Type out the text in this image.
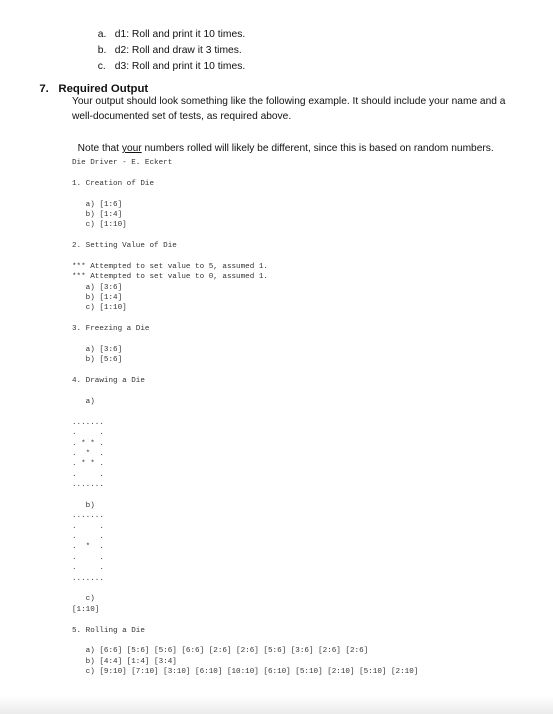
a. d1: Roll and print it 10 times.

b. d2: Roll and draw it 3 times.

c. d3: Roll and print it 10 times.

7. Required Output

Your output should look something like the following example. It should include your name and a
well-documented set of tests, as required above.

Note that your numbers rolled will likely be different, since this is based on random numbers.

Die Driver - E. Eckert
1. Creation of Die
a) [1:6]
b) [1:4]
c) [1:10]
2. Setting Value of Die
*** Attempted to set value to 5, assumed 1.
*** Attempted to set value to 0, assumed 1.
a) [3:6]
b) [1:4]
c) [1:10]
3. Freezing a Die
a) [3:6]
b) [5:6]
4. Drawing a Die
a)
.......
.     .
. * * .
.  *  .
. * * .
.     .
.......
b)
.......
.     .
.     .
.  *  .
.     .
.     .
.......
c)
[1:10]
5. Rolling a Die
a) [6:6] [5:6] [5:6] [6:6] [2:6] [2:6] [5:6] [3:6] [2:6] [2:6]
b) [4:4] [1:4] [3:4]
c) [9:10] [7:10] [3:10] [6:10] [10:10] [6:10] [5:10] [2:10] [5:10] [2:10]
